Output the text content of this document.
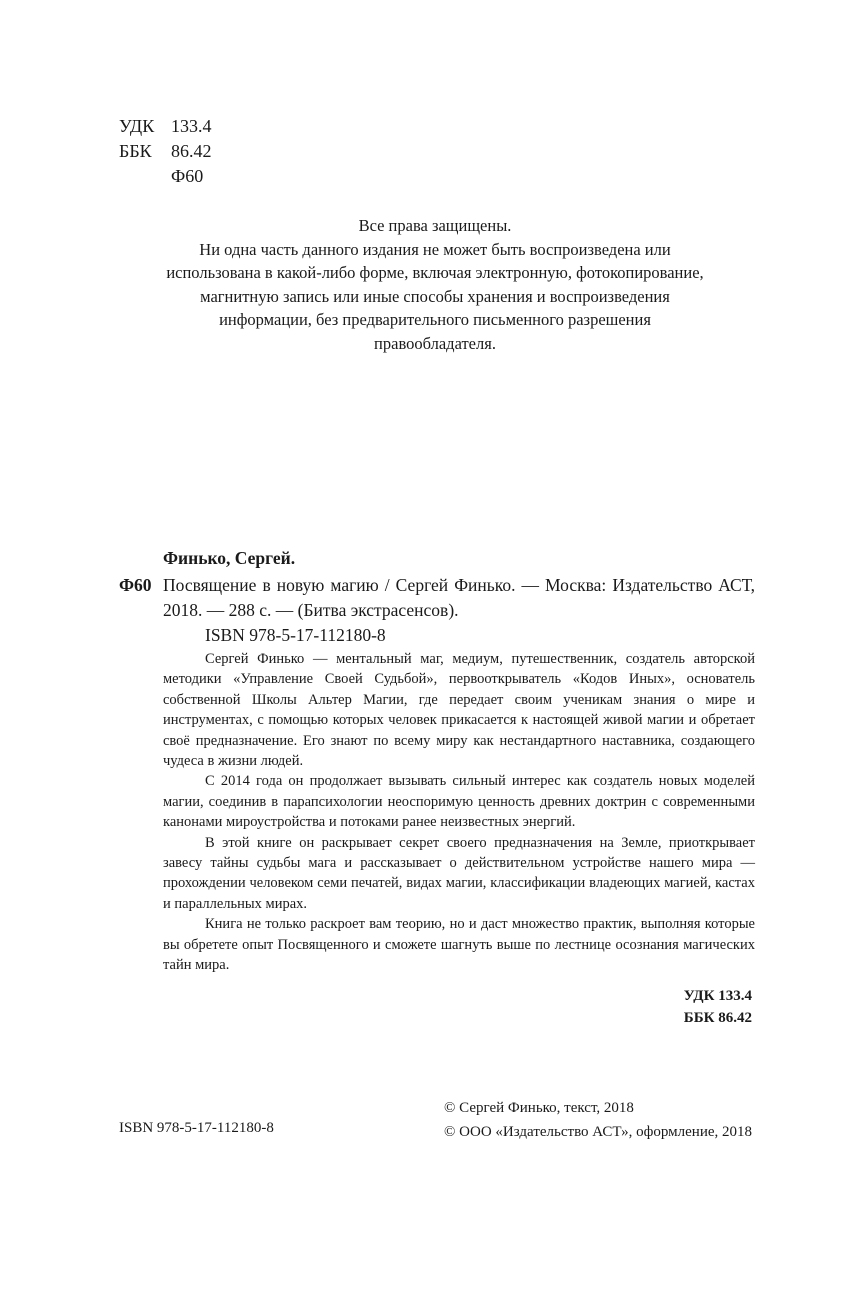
УДК 133.4
ББК 86.42
Ф60
Все права защищены.
Ни одна часть данного издания не может быть воспроизведена или
использована в какой-либо форме, включая электронную, фотокопирование,
магнитную запись или иные способы хранения и воспроизведения
информации, без предварительного письменного разрешения
правообладателя.
Финько, Сергей.
Ф60 Посвящение в новую магию / Сергей Финько. — Москва: Издательство АСТ, 2018. — 288 с. — (Битва экстрасенсов).
ISBN 978-5-17-112180-8

Сергей Финько — ментальный маг, медиум, путешественник, создатель авторской методики «Управление Своей Судьбой», первооткрыватель «Кодов Иных», основатель собственной Школы Альтер Магии, где передает своим ученикам знания о мире и инструментах, с помощью которых человек прикасается к настоящей живой магии и обретает своё предназначение. Его знают по всему миру как нестандартного наставника, создающего чудеса в жизни людей.

С 2014 года он продолжает вызывать сильный интерес как создатель новых моделей магии, соединив в парапсихологии неоспоримую ценность древних доктрин с современными канонами мироустройства и потоками ранее неизвестных энергий.

В этой книге он раскрывает секрет своего предназначения на Земле, приоткрывает завесу тайны судьбы мага и рассказывает о действительном устройстве нашего мира — прохождении человеком семи печатей, видах магии, классификации владеющих магией, кастах и параллельных мирах.

Книга не только раскроет вам теорию, но и даст множество практик, выполняя которые вы обретете опыт Посвященного и сможете шагнуть выше по лестнице осознания магических тайн мира.

УДК 133.4
ББК 86.42
ISBN 978-5-17-112180-8
© Сергей Финько, текст, 2018
© ООО «Издательство АСТ», оформление, 2018
